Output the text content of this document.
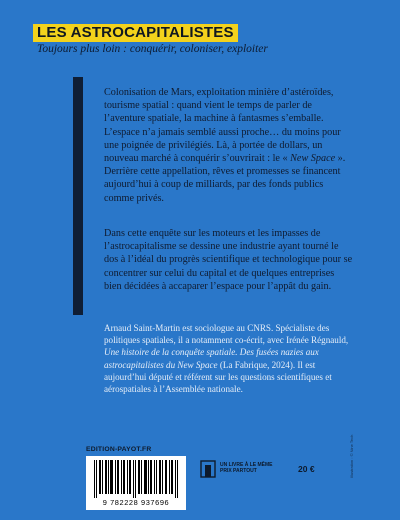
LES ASTROCAPITALISTES
Toujours plus loin : conquérir, coloniser, exploiter
Colonisation de Mars, exploitation minière d’astéroïdes, tourisme spatial : quand vient le temps de parler de l’aventure spatiale, la machine à fantasmes s’emballe. L’espace n’a jamais semblé aussi proche… du moins pour une poignée de privilégiés. Là, à portée de dollars, un nouveau marché à conquérir s’ouvrirait : le « New Space ». Derrière cette appellation, rêves et promesses se financent aujourd’hui à coup de milliards, par des fonds publics comme privés.
Dans cette enquête sur les moteurs et les impasses de l’astrocapitalisme se dessine une industrie ayant tourné le dos à l’idéal du progrès scientifique et technologique pour se concentrer sur celui du capital et de quelques entreprises bien décidées à accaparer l’espace pour l’appât du gain.
Arnaud Saint-Martin est sociologue au CNRS. Spécialiste des politiques spatiales, il a notamment co-écrit, avec Irénée Régnauld, Une histoire de la conquête spatiale. Des fusées nazies aux astrocapitalistes du New Space (La Fabrique, 2024). Il est aujourd’hui député et référent sur les questions scientifiques et aérospatiales à l’Assemblée nationale.
EDITION-PAYOT.FR
9 782228 937696
UN LIVRE À LE MÊME PRIX PARTOUT	20 €	Illustration : © Nine Tech
